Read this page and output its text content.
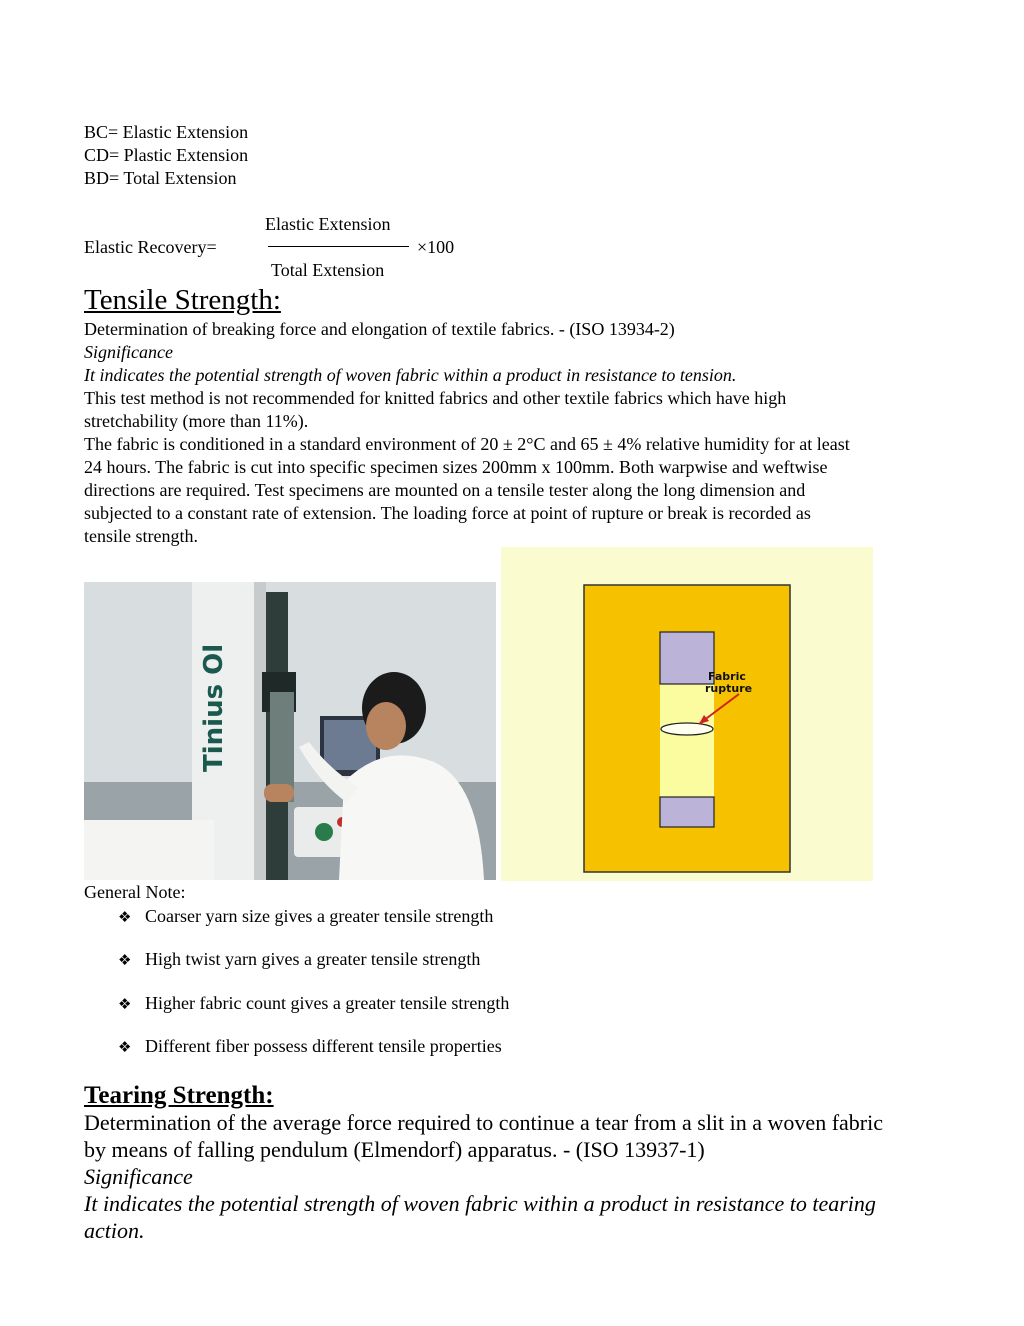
BC= Elastic Extension
CD= Plastic Extension
BD= Total Extension
Elastic Recovery=
Elastic Extension
×100
Total Extension
Tensile Strength:
Determination of breaking force and elongation of textile fabrics. - (ISO 13934-2)
Significance
It indicates the potential strength of woven fabric within a product in resistance to tension.
This test method is not recommended for knitted fabrics and other textile fabrics which have high
stretchability (more than 11%).
The fabric is conditioned in a standard environment of 20 ± 2°C and 65 ± 4% relative humidity for at least
24 hours. The fabric is cut into specific specimen sizes 200mm x 100mm. Both warpwise and weftwise
directions are required. Test specimens are mounted on a tensile tester along the long dimension and
subjected to a constant rate of extension. The loading force at point of rupture or break is recorded as
tensile strength.
Tinius Ol	Fabric
rupture
General Note:
❖ Coarser yarn size gives a greater tensile strength
❖ High twist yarn gives a greater tensile strength
❖ Higher fabric count gives a greater tensile strength
❖ Different fiber possess different tensile properties
Tearing Strength:
Determination of the average force required to continue a tear from a slit in a woven fabric
by means of falling pendulum (Elmendorf) apparatus. - (ISO 13937-1)
Significance
It indicates the potential strength of woven fabric within a product in resistance to tearing
action.
